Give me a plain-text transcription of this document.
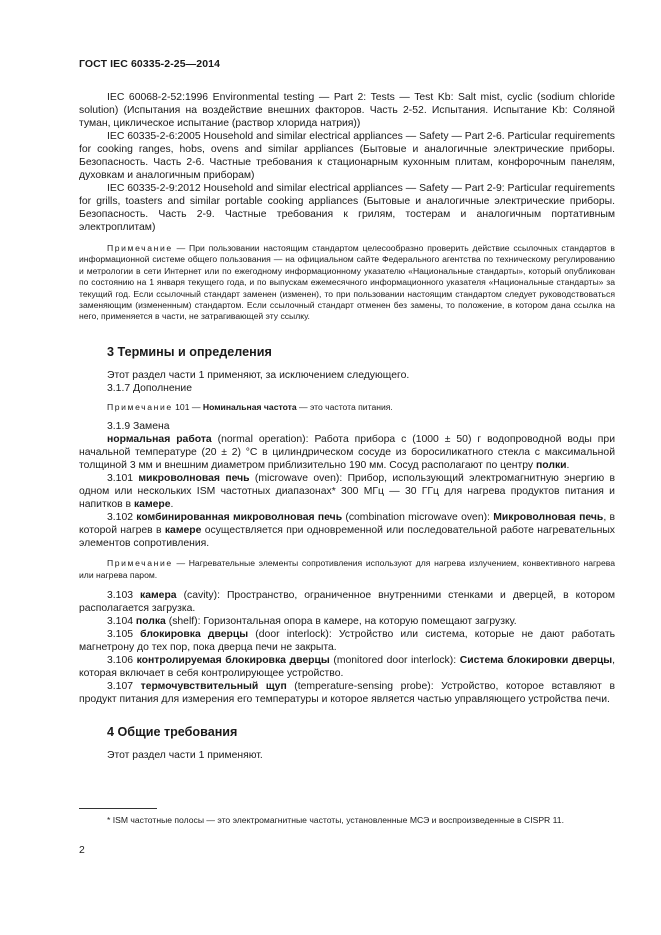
ГОСТ IEC 60335-2-25—2014

IEC 60068-2-52:1996 Environmental testing — Part 2: Tests — Test Kb: Salt mist, cyclic (sodium chloride solution) (Испытания на воздействие внешних факторов. Часть 2-52. Испытания. Испытание Kb: Соляной туман, циклическое испытание (раствор хлорида натрия))

IEC 60335-2-6:2005 Household and similar electrical appliances — Safety — Part 2-6. Particular requirements for cooking ranges, hobs, ovens and similar appliances (Бытовые и аналогичные электрические приборы. Безопасность. Часть 2-6. Частные требования к стационарным кухонным плитам, конфорочным панелям, духовкам и аналогичным приборам)

IEC 60335-2-9:2012 Household and similar electrical appliances — Safety — Part 2-9: Particular requirements for grills, toasters and similar portable cooking appliances (Бытовые и аналогичные электрические приборы. Безопасность. Часть 2-9. Частные требования к грилям, тостерам и аналогичным портативным электроплитам)

Примечание — При пользовании настоящим стандартом целесообразно проверить действие ссылочных стандартов в информационной системе общего пользования — на официальном сайте Федерального агентства по техническому регулированию и метрологии в сети Интернет или по ежегодному информационному указателю «Национальные стандарты», который опубликован по состоянию на 1 января текущего года, и по выпускам ежемесячного информационного указателя «Национальные стандарты» за текущий год. Если ссылочный стандарт заменен (изменен), то при пользовании настоящим стандартом следует руководствоваться заменяющим (измененным) стандартом. Если ссылочный стандарт отменен без замены, то положение, в котором дана ссылка на него, применяется в части, не затрагивающей эту ссылку.

3 Термины и определения

Этот раздел части 1 применяют, за исключением следующего.

3.1.7 Дополнение

Примечание 101 — Номинальная частота — это частота питания.

3.1.9 Замена

нормальная работа (normal operation): Работа прибора с (1000 ± 50) г водопроводной воды при начальной температуре (20 ± 2) °C в цилиндрическом сосуде из боросиликатного стекла с максимальной толщиной 3 мм и внешним диаметром приблизительно 190 мм. Сосуд располагают по центру полки.

3.101 микроволновая печь (microwave oven): Прибор, использующий электромагнитную энергию в одном или нескольких ISM частотных диапазонах* 300 МГц — 30 ГГц для нагрева продуктов питания и напитков в камере.

3.102 комбинированная микроволновая печь (combination microwave oven): Микроволновая печь, в которой нагрев в камере осуществляется при одновременной или последовательной работе нагревательных элементов сопротивления.

Примечание — Нагревательные элементы сопротивления используют для нагрева излучением, конвективного нагрева или нагрева паром.

3.103 камера (cavity): Пространство, ограниченное внутренними стенками и дверцей, в котором располагается загрузка.

3.104 полка (shelf): Горизонтальная опора в камере, на которую помещают загрузку.

3.105 блокировка дверцы (door interlock): Устройство или система, которые не дают работать магнетрону до тех пор, пока дверца печи не закрыта.

3.106 контролируемая блокировка дверцы (monitored door interlock): Система блокировки дверцы, которая включает в себя контролирующее устройство.

3.107 термочувствительный щуп (temperature-sensing probe): Устройство, которое вставляют в продукт питания для измерения его температуры и которое является частью управляющего устройства печи.

4 Общие требования

Этот раздел части 1 применяют.

* ISM частотные полосы — это электромагнитные частоты, установленные МСЭ и воспроизведенные в CISPR 11.

2
